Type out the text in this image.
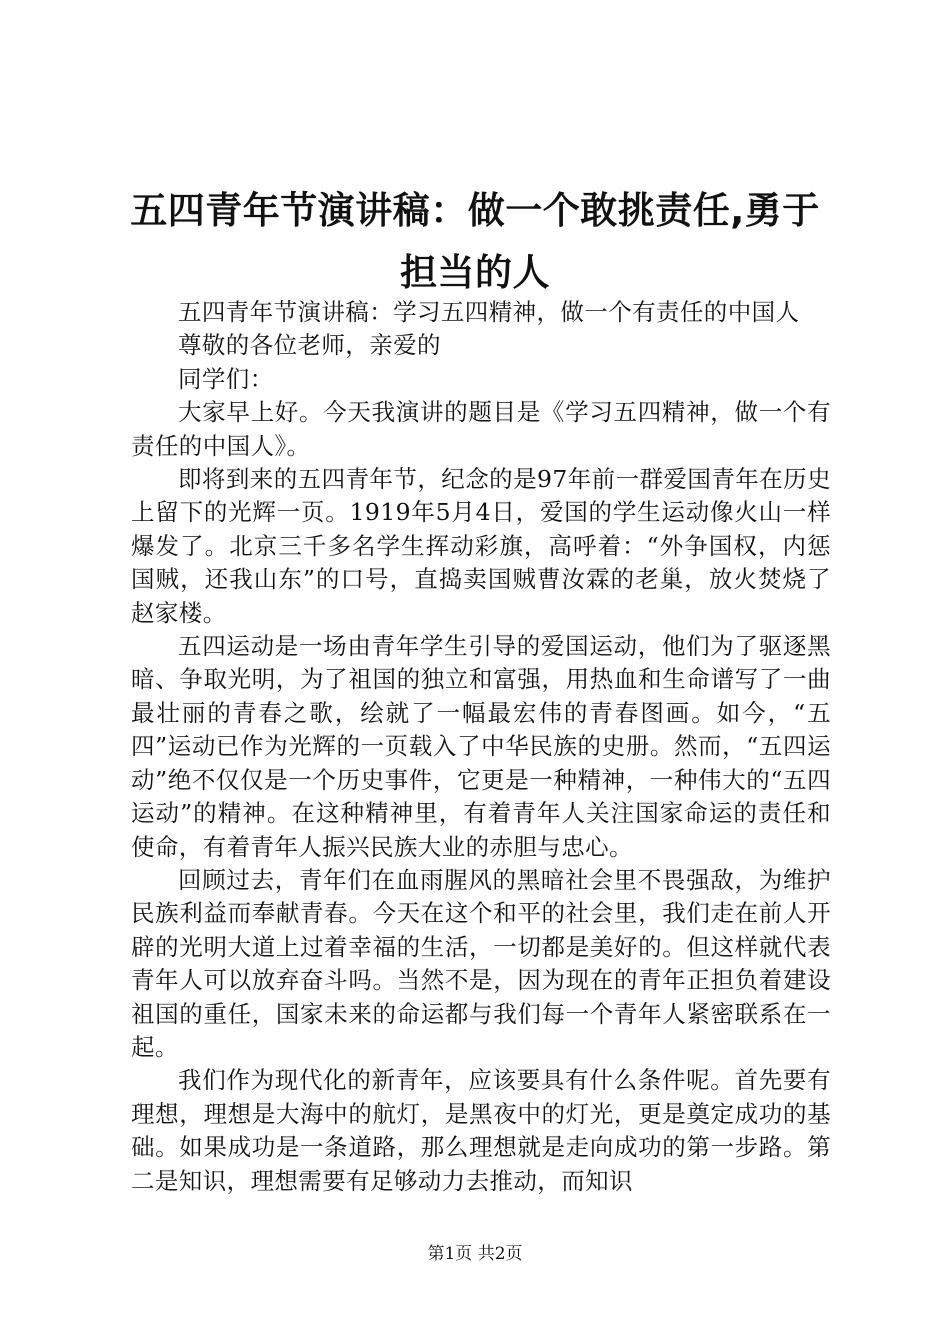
五四青年节演讲稿：做一个敢挑责任,勇于担当的人

五四青年节演讲稿：学习五四精神，做一个有责任的中国人

尊敬的各位老师，亲爱的

同学们：

大家早上好。今天我演讲的题目是《学习五四精神，做一个有责任的中国人》。

即将到来的五四青年节，纪念的是97年前一群爱国青年在历史上留下的光辉一页。1919年5月4日，爱国的学生运动像火山一样爆发了。北京三千多名学生挥动彩旗，高呼着：“外争国权，内惩国贼，还我山东”的口号，直捣卖国贼曹汝霖的老巢，放火焚烧了赵家楼。

五四运动是一场由青年学生引导的爱国运动，他们为了驱逐黑暗、争取光明，为了祖国的独立和富强，用热血和生命谱写了一曲最壮丽的青春之歌，绘就了一幅最宏伟的青春图画。如今，“五四”运动已作为光辉的一页载入了中华民族的史册。然而，“五四运动”绝不仅仅是一个历史事件，它更是一种精神，一种伟大的“五四运动”的精神。在这种精神里，有着青年人关注国家命运的责任和使命，有着青年人振兴民族大业的赤胆与忠心。

回顾过去，青年们在血雨腥风的黑暗社会里不畏强敌，为维护民族利益而奉献青春。今天在这个和平的社会里，我们走在前人开辟的光明大道上过着幸福的生活，一切都是美好的。但这样就代表青年人可以放弃奋斗吗。当然不是，因为现在的青年正担负着建设祖国的重任，国家未来的命运都与我们每一个青年人紧密联系在一起。

我们作为现代化的新青年，应该要具有什么条件呢。首先要有理想，理想是大海中的航灯，是黑夜中的灯光，更是奠定成功的基础。如果成功是一条道路，那么理想就是走向成功的第一步路。第二是知识，理想需要有足够动力去推动，而知识

第1页 共2页
